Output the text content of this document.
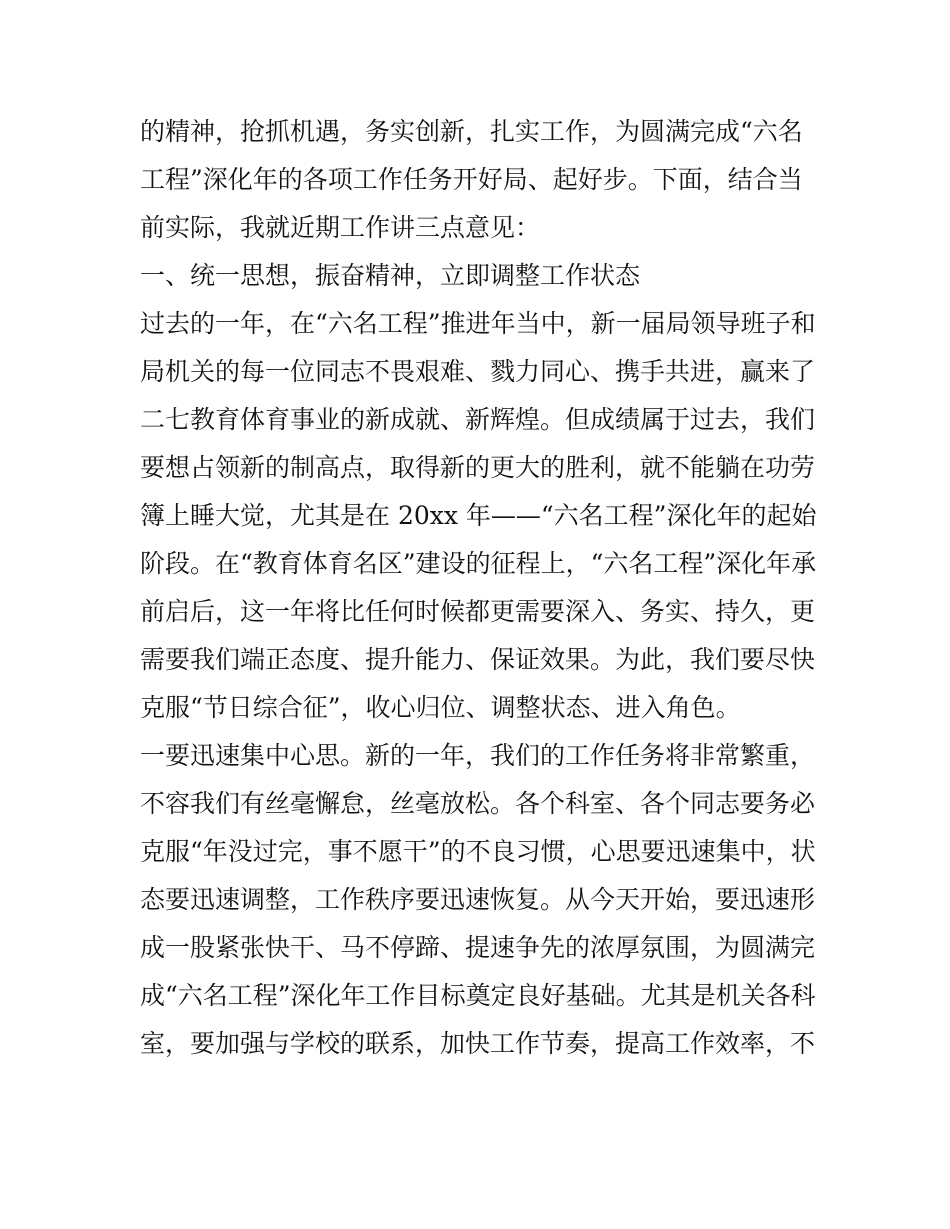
的精神，抢抓机遇，务实创新，扎实工作，为圆满完成“六名
工程”深化年的各项工作任务开好局、起好步。下面，结合当
前实际，我就近期工作讲三点意见：
一、统一思想，振奋精神，立即调整工作状态
过去的一年，在“六名工程”推进年当中，新一届局领导班子和
局机关的每一位同志不畏艰难、戮力同心、携手共进，赢来了
二七教育体育事业的新成就、新辉煌。但成绩属于过去，我们
要想占领新的制高点，取得新的更大的胜利，就不能躺在功劳
簿上睡大觉，尤其是在 20xx 年——“六名工程”深化年的起始
阶段。在“教育体育名区”建设的征程上，“六名工程”深化年承
前启后，这一年将比任何时候都更需要深入、务实、持久，更
需要我们端正态度、提升能力、保证效果。为此，我们要尽快
克服“节日综合征”，收心归位、调整状态、进入角色。
一要迅速集中心思。新的一年，我们的工作任务将非常繁重，
不容我们有丝毫懈怠，丝毫放松。各个科室、各个同志要务必
克服“年没过完，事不愿干”的不良习惯，心思要迅速集中，状
态要迅速调整，工作秩序要迅速恢复。从今天开始，要迅速形
成一股紧张快干、马不停蹄、提速争先的浓厚氛围，为圆满完
成“六名工程”深化年工作目标奠定良好基础。尤其是机关各科
室，要加强与学校的联系，加快工作节奏，提高工作效率，不
